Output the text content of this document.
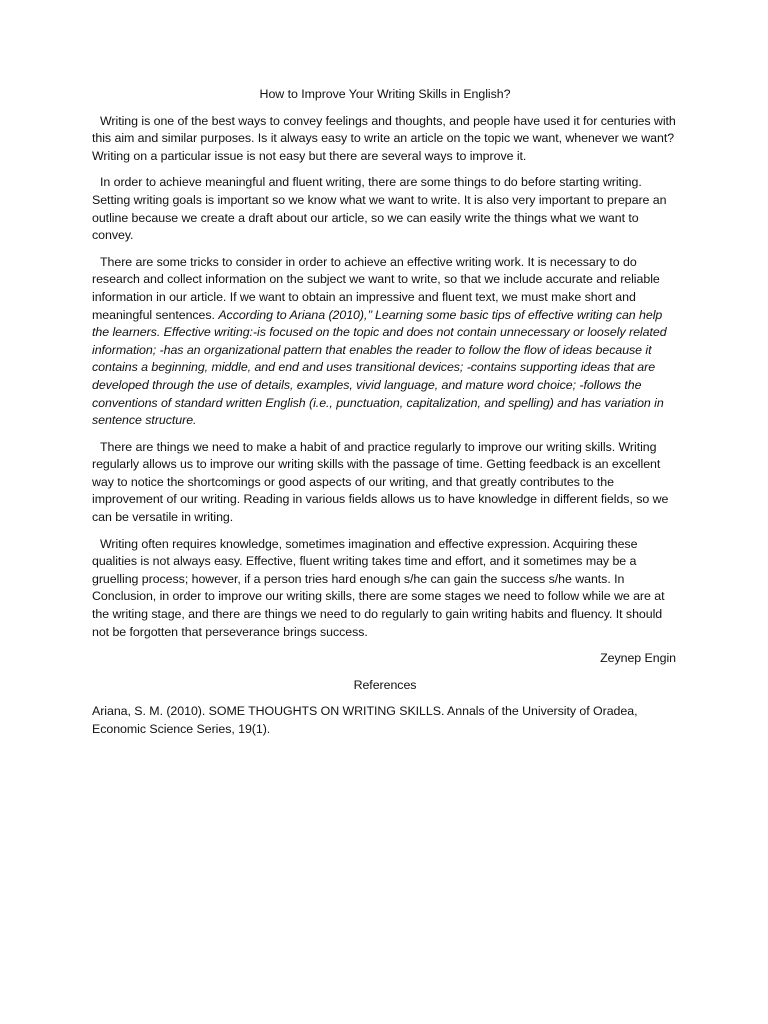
How to Improve Your Writing Skills in English?

Writing is one of the best ways to convey feelings and thoughts, and people have used it for centuries with this aim and similar purposes. Is it always easy to write an article on the topic we want, whenever we want? Writing on a particular issue is not easy but there are several ways to improve it.

In order to achieve meaningful and fluent writing, there are some things to do before starting writing. Setting writing goals is important so we know what we want to write. It is also very important to prepare an outline because we create a draft about our article, so we can easily write the things what we want to convey.

There are some tricks to consider in order to achieve an effective writing work. It is necessary to do research and collect information on the subject we want to write, so that we include accurate and reliable information in our article. If we want to obtain an impressive and fluent text, we must make short and meaningful sentences. According to Ariana (2010),’’ Learning some basic tips of effective writing can help the learners. Effective writing:-is focused on the topic and does not contain unnecessary or loosely related information; -has an organizational pattern that enables the reader to follow the flow of ideas because it contains a beginning, middle, and end and uses transitional devices; -contains supporting ideas that are developed through the use of details, examples, vivid language, and mature word choice; -follows the conventions of standard written English (i.e., punctuation, capitalization, and spelling) and has variation in sentence structure.

There are things we need to make a habit of and practice regularly to improve our writing skills. Writing regularly allows us to improve our writing skills with the passage of time. Getting feedback is an excellent way to notice the shortcomings or good aspects of our writing, and that greatly contributes to the improvement of our writing. Reading in various fields allows us to have knowledge in different fields, so we can be versatile in writing.

Writing often requires knowledge, sometimes imagination and effective expression. Acquiring these qualities is not always easy. Effective, fluent writing takes time and effort, and it sometimes may be a gruelling process; however, if a person tries hard enough s/he can gain the success s/he wants. In Conclusion, in order to improve our writing skills, there are some stages we need to follow while we are at the writing stage, and there are things we need to do regularly to gain writing habits and fluency. It should not be forgotten that perseverance brings success.

Zeynep Engin

References

Ariana, S. M. (2010). SOME THOUGHTS ON WRITING SKILLS. Annals of the University of Oradea, Economic Science Series, 19(1).
